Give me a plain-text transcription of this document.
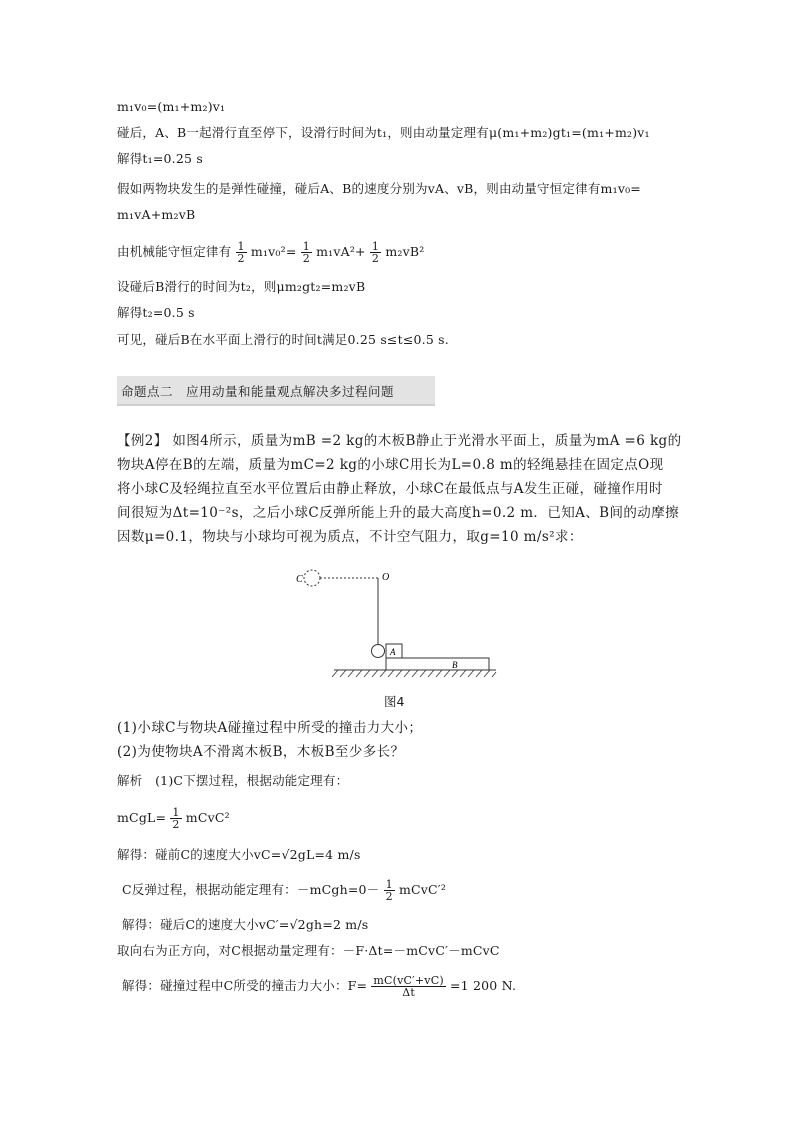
m₁v₀=(m₁+m₂)v₁
碰后，A、B一起滑行直至停下，设滑行时间为t₁，则由动量定理有μ(m₁+m₂)gt₁=(m₁+m₂)v₁
解得t₁=0.25 s
假如两物块发生的是弹性碰撞，碰后A、B的速度分别为vA、vB，则由动量守恒定律有m₁v₀=
m₁vA+m₂vB
由机械能守恒定律有 $\frac{1}{2} m_1v_0^2= \frac{1}{2} m_1vA^2+ \frac{1}{2} m_2vB^2$
设碰后B滑行的时间为t₂，则μm₂gt₂=m₂vB
解得t₂=0.5 s
可见，碰后B在水平面上滑行的时间t满足0.25 s≤t≤0.5 s.
命题点二　应用动量和能量观点解决多过程问题
【例2】 如图4所示，质量为mB =2 kg的木板B静止于光滑水平面上，质量为mA =6 kg的
物块A停在B的左端，质量为mC=2 kg的小球C用长为L=0.8 m的轻绳悬挂在固定点O现
将小球C及轻绳拉直至水平位置后由静止释放，小球C在最低点与A发生正碰，碰撞作用时
间很短为Δt=10⁻²s，之后小球C反弹所能上升的最大高度h=0.2 m．已知A、B间的动摩擦
因数μ=0.1，物块与小球均可视为质点，不计空气阻力，取g=10 m/s²求：
C	O
A
B
图4
(1)小球C与物块A碰撞过程中所受的撞击力大小；
(2)为使物块A不滑离木板B，木板B至少多长？
解析　(1)C下摆过程，根据动能定理有：
mCgL= $\frac{1}{2}$ mCvC²
解得：碰前C的速度大小vC=√2gL=4 m/s
C反弹过程，根据动能定理有：－mCgh=0－ $\frac{1}{2}$ mCvC′²
解得：碰后C的速度大小vC′=√2gh=2 m/s
取向右为正方向，对C根据动量定理有：－F·Δt=－mCvC′－mCvC
解得：碰撞过程中C所受的撞击力大小：$F= \frac{mC(vC'+vC)}{\Delta t} =1$ 200 N.
